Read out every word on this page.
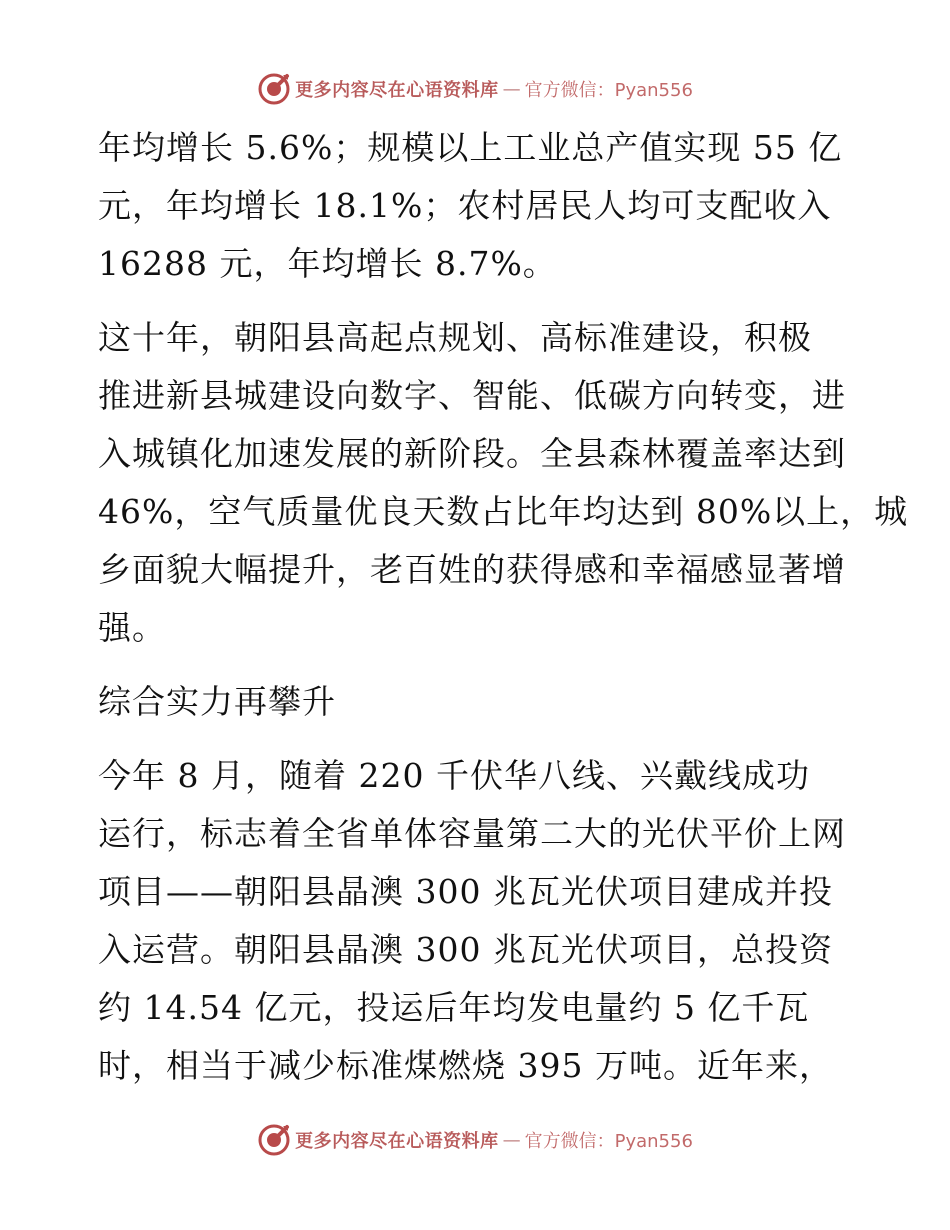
更多内容尽在心语资料库 — 官方微信：Pyan556
年均增长 5.6%；规模以上工业总产值实现 55 亿
元，年均增长 18.1%；农村居民人均可支配收入
16288 元，年均增长 8.7%。
这十年，朝阳县高起点规划、高标准建设，积极
推进新县城建设向数字、智能、低碳方向转变，进
入城镇化加速发展的新阶段。全县森林覆盖率达到
46%，空气质量优良天数占比年均达到 80%以上，城
乡面貌大幅提升，老百姓的获得感和幸福感显著增
强。
综合实力再攀升
今年 8 月，随着 220 千伏华八线、兴戴线成功
运行，标志着全省单体容量第二大的光伏平价上网
项目——朝阳县晶澳 300 兆瓦光伏项目建成并投
入运营。朝阳县晶澳 300 兆瓦光伏项目，总投资
约 14.54 亿元，投运后年均发电量约 5 亿千瓦
时，相当于减少标准煤燃烧 395 万吨。近年来，
更多内容尽在心语资料库 — 官方微信：Pyan556
